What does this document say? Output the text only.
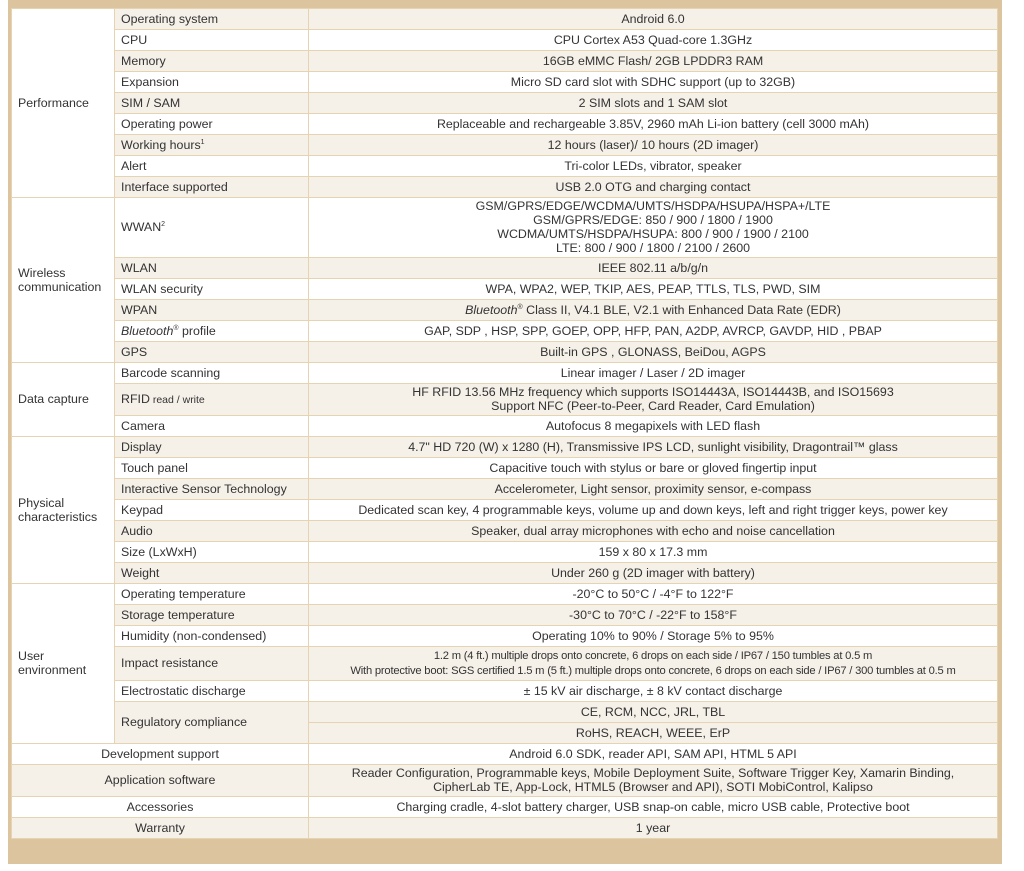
Performance	Operating system	Android 6.0
	CPU	CPU Cortex A53 Quad-core 1.3GHz
	Memory	16GB eMMC Flash/ 2GB LPDDR3 RAM
	Expansion	Micro SD card slot with SDHC support (up to 32GB)
	SIM / SAM	2 SIM slots and 1 SAM slot
	Operating power	Replaceable and rechargeable 3.85V, 2960 mAh Li-ion battery (cell 3000 mAh)
	Working hours$^1$	12 hours (laser)/ 10 hours (2D imager)
	Alert	Tri-color LEDs, vibrator, speaker
	Interface supported	USB 2.0 OTG and charging contact
Wireless communication	WWAN$^2$	GSM/GPRS/EDGE/WCDMA/UMTS/HSDPA/HSUPA/HSPA+/LTE
GSM/GPRS/EDGE: 850 / 900 / 1800 / 1900
WCDMA/UMTS/HSDPA/HSUPA: 800 / 900 / 1900 / 2100
LTE: 800 / 900 / 1800 / 2100 / 2600
	WLAN	IEEE 802.11 a/b/g/n
	WLAN security	WPA, WPA2, WEP, TKIP, AES, PEAP, TTLS, TLS, PWD, SIM
	WPAN	Bluetooth® Class II, V4.1 BLE, V2.1 with Enhanced Data Rate (EDR)
	Bluetooth® profile	GAP, SDP , HSP, SPP, GOEP, OPP, HFP, PAN, A2DP, AVRCP, GAVDP, HID , PBAP
	GPS	Built-in GPS , GLONASS, BeiDou, AGPS
Data capture	Barcode scanning	Linear imager / Laser / 2D imager
	RFID read / write	HF RFID 13.56 MHz frequency which supports ISO14443A, ISO14443B, and ISO15693
Support NFC (Peer-to-Peer, Card Reader, Card Emulation)
	Camera	Autofocus 8 megapixels with LED flash
Physical characteristics	Display	4.7" HD 720 (W) x 1280 (H), Transmissive IPS LCD, sunlight visibility, Dragontrail™ glass
	Touch panel	Capacitive touch with stylus or bare or gloved fingertip input
	Interactive Sensor Technology	Accelerometer, Light sensor, proximity sensor, e-compass
	Keypad	Dedicated scan key, 4 programmable keys, volume up and down keys, left and right trigger keys, power key
	Audio	Speaker, dual array microphones with echo and noise cancellation
	Size (LxWxH)	159 x 80 x 17.3 mm
	Weight	Under 260 g (2D imager with battery)
User environment	Operating temperature	-20°C to 50°C / -4°F to 122°F
	Storage temperature	-30°C to 70°C / -22°F to 158°F
	Humidity (non-condensed)	Operating 10% to 90% / Storage 5% to 95%
	Impact resistance	1.2 m (4 ft.) multiple drops onto concrete, 6 drops on each side / IP67 / 150 tumbles at 0.5 m
With protective boot: SGS certified 1.5 m (5 ft.) multiple drops onto concrete, 6 drops on each side / IP67 / 300 tumbles at 0.5 m
	Electrostatic discharge	± 15 kV air discharge, ± 8 kV contact discharge
	Regulatory compliance	CE, RCM, NCC, JRL, TBL
		RoHS, REACH, WEEE, ErP
Development support		Android 6.0 SDK, reader API, SAM API, HTML 5 API
Application software		Reader Configuration, Programmable keys, Mobile Deployment Suite, Software Trigger Key, Xamarin Binding,
CipherLab TE, App-Lock, HTML5 (Browser and API), SOTI MobiControl, Kalipso
Accessories		Charging cradle, 4-slot battery charger, USB snap-on cable, micro USB cable, Protective boot
Warranty		1 year
